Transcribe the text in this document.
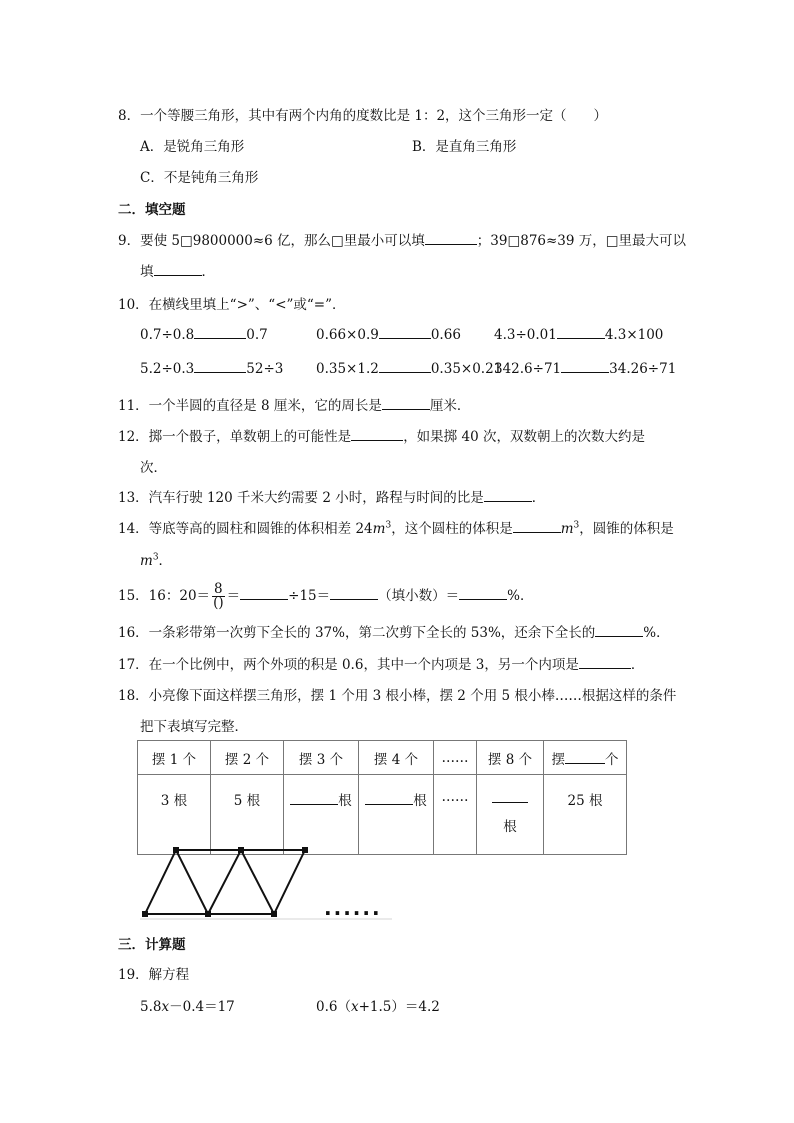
8．一个等腰三角形，其中有两个内角的度数比是 1：2，这个三角形一定（　　）
A．是锐角三角形	B．是直角三角形
C．不是钝角三角形
二．填空题
9．要使 5□9800000≈6 亿，那么□里最小可以填	；39□876≈39 万，□里最大可以
填	．
10．在横线里填上“>”、“<”或“=”．
0.7÷0.8	0.7	0.66×0.9	0.66 4.3÷0.01	4.3×100
5.2÷0.3	52÷3 0.35×1.2	0.35×0.21
342.6÷71	34.26÷71
11．一个半圆的直径是 8 厘米，它的周长是	厘米．
12．掷一个骰子，单数朝上的可能性是	，如果掷 40 次，双数朝上的次数大约是
次．
13．汽车行驶 120 千米大约需要 2 小时，路程与时间的比是	．
14．等底等高的圆柱和圆锥的体积相差 $24m^3$，这个圆柱的体积是	$m^3$，圆锥的体积是
$m^3$．
15．16：$20= \frac{8}{()}$ ＝	÷15＝	（填小数）＝	%．
16．一条彩带第一次剪下全长的 37%，第二次剪下全长的 53%，还余下全长的	%．
17．在一个比例中，两个外项的积是 0.6，其中一个内项是 3，另一个内项是	．
18．小亮像下面这样摆三角形，摆 1 个用 3 根小棒，摆 2 个用 5 根小棒……根据这样的条件
把下表填写完整．
摆 1 个	摆 2 个	摆 3 个	摆 4 个	……	摆 8 个	摆 个
3 根	5 根	根	根	……	根	25 根
......
三．计算题
19．解方程
5.8x－0.4＝17	0.6（x+1.5）＝4.2
